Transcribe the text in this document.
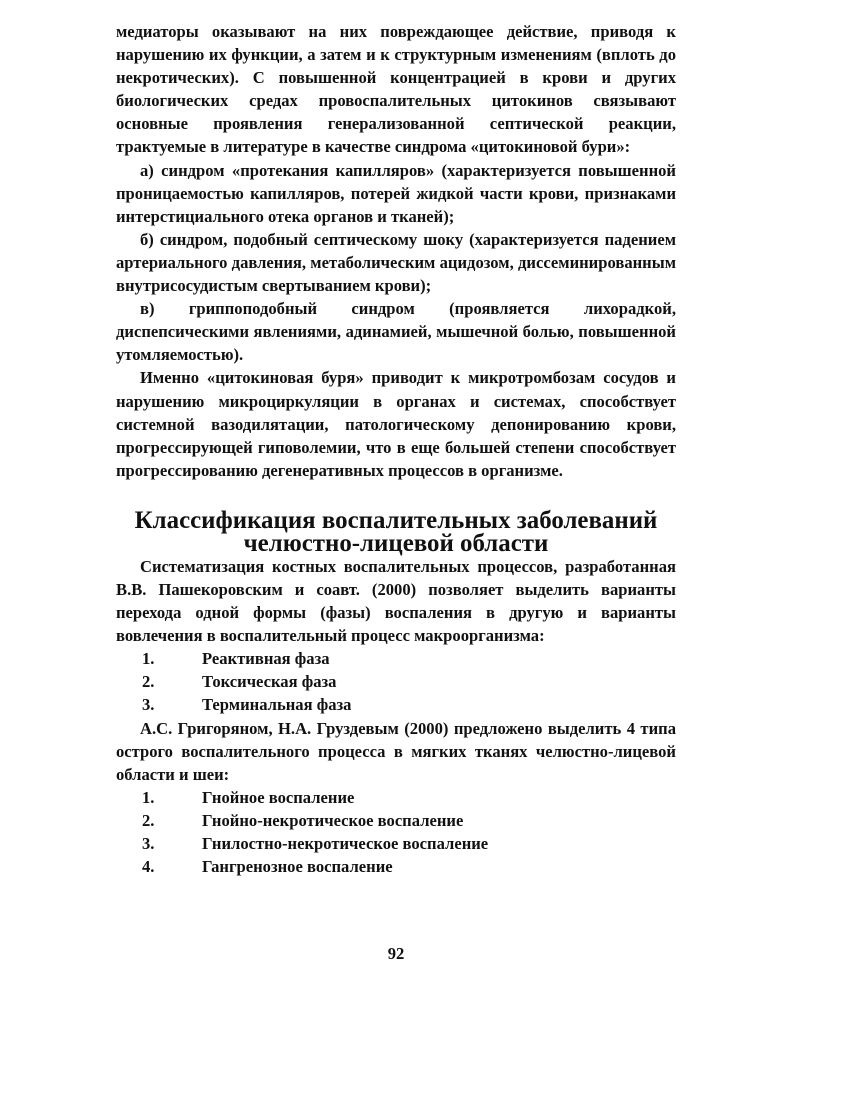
медиаторы оказывают на них повреждающее действие, приводя к нарушению их функции, а затем и к структурным изменениям (вплоть до некротических). С повышенной концентрацией в крови и других биологических средах провоспалительных цитокинов связывают основные проявления генерализованной септической реакции, трактуемые в литературе в качестве синдрома «цитокиновой бури»:

а) синдром «протекания капилляров» (характеризуется повышенной проницаемостью капилляров, потерей жидкой части крови, признаками интерстициального отека органов и тканей);

б) синдром, подобный септическому шоку (характеризуется падением артериального давления, метаболическим ацидозом, диссеминированным внутрисосудистым свертыванием крови);

в) гриппоподобный синдром (проявляется лихорадкой, диспепсическими явлениями, адинамией, мышечной болью, повышенной утомляемостью).

Именно «цитокиновая буря» приводит к микротромбозам сосудов и нарушению микроциркуляции в органах и системах, способствует системной вазодилятации, патологическому депонированию крови, прогрессирующей гиповолемии, что в еще большей степени способствует прогрессированию дегенеративных процессов в организме.

Классификация воспалительных заболеваний челюстно-лицевой области

Систематизация костных воспалительных процессов, разработанная В.В. Пашекоровским и соавт. (2000) позволяет выделить варианты перехода одной формы (фазы) воспаления в другую и варианты вовлечения в воспалительный процесс макроорганизма:

1.	Реактивная фаза
2.	Токсическая фаза
3.	Терминальная фаза

А.С. Григоряном, Н.А. Груздевым (2000) предложено выделить 4 типа острого воспалительного процесса в мягких тканях челюстно-лицевой области и шеи:

1.	Гнойное воспаление
2.	Гнойно-некротическое воспаление
3.	Гнилостно-некротическое воспаление
4.	Гангренозное воспаление
92
